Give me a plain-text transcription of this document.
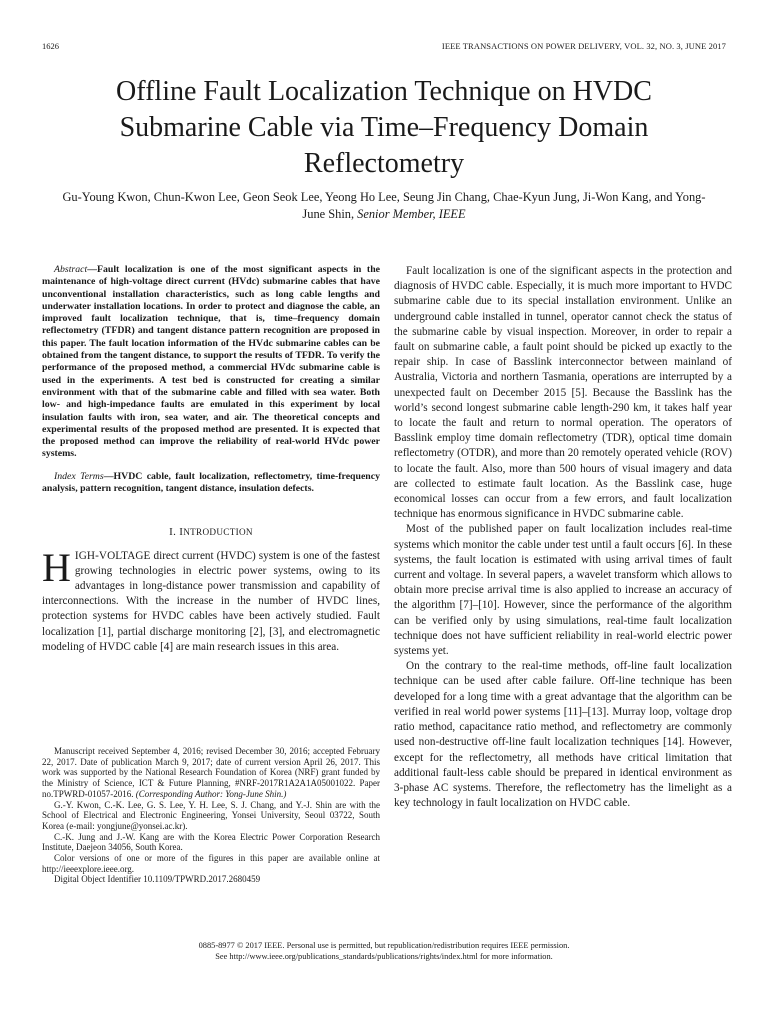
1626	IEEE TRANSACTIONS ON POWER DELIVERY, VOL. 32, NO. 3, JUNE 2017
Offline Fault Localization Technique on HVDC Submarine Cable via Time–Frequency Domain Reflectometry
Gu-Young Kwon, Chun-Kwon Lee, Geon Seok Lee, Yeong Ho Lee, Seung Jin Chang, Chae-Kyun Jung, Ji-Won Kang, and Yong-June Shin, Senior Member, IEEE

Abstract—Fault localization is one of the most significant aspects in the maintenance of high-voltage direct current (HVdc) submarine cables that have unconventional installation characteristics, such as long cable lengths and underwater installation locations. In order to protect and diagnose the cable, an improved fault localization technique, that is, time–frequency domain reflectometry (TFDR) and tangent distance pattern recognition are proposed in this paper. The fault location information of the HVdc submarine cables can be obtained from the tangent distance, to support the results of TFDR. To verify the performance of the proposed method, a commercial HVdc submarine cable is used in the experiments. A test bed is constructed for creating a similar environment with that of the submarine cable and filled with sea water. Both low- and high-impedance faults are emulated in this experiment by local insulation faults with iron, sea water, and air. The theoretical concepts and experimental results of the proposed method are presented. It is expected that the proposed method can improve the reliability of real-world HVdc power systems.

Index Terms—HVDC cable, fault localization, reflectometry, time-frequency analysis, pattern recognition, tangent distance, insulation defects.

I. INTRODUCTION

HIGH-VOLTAGE direct current (HVDC) system is one of the fastest growing technologies in electric power systems, owing to its advantages in long-distance power transmission and capability of interconnections. With the increase in the number of HVDC lines, protection systems for HVDC cables have been actively studied. Fault localization [1], partial discharge monitoring [2], [3], and electromagnetic modeling of HVDC cable [4] are main research issues in this area.

Manuscript received September 4, 2016; revised December 30, 2016; accepted February 22, 2017. Date of publication March 9, 2017; date of current version April 26, 2017. This work was supported by the National Research Foundation of Korea (NRF) grant funded by the Ministry of Science, ICT & Future Planning, #NRF-2017R1A2A1A05001022. Paper no.TPWRD-01057-2016. (Corresponding Author: Yong-June Shin.)

G.-Y. Kwon, C.-K. Lee, G. S. Lee, Y. H. Lee, S. J. Chang, and Y.-J. Shin are with the School of Electrical and Electronic Engineering, Yonsei University, Seoul 03722, South Korea (e-mail: yongjune@yonsei.ac.kr).

C.-K. Jung and J.-W. Kang are with the Korea Electric Power Corporation Research Institute, Daejeon 34056, South Korea.

Color versions of one or more of the figures in this paper are available online at http://ieeexplore.ieee.org.

Digital Object Identifier 10.1109/TPWRD.2017.2680459

Fault localization is one of the significant aspects in the protection and diagnosis of HVDC cable. Especially, it is much more important to HVDC submarine cable due to its special installation environment. Unlike an underground cable installed in tunnel, operator cannot check the status of the submarine cable by visual inspection. Moreover, in order to repair a fault on submarine cable, a fault point should be picked up exactly to the repair ship. In case of Basslink interconnector between mainland of Australia, Victoria and northern Tasmania, operations are interrupted by a unexpected fault on December 2015 [5]. Because the Basslink has the world’s second longest submarine cable length-290 km, it takes half year to locate the fault and return to normal operation. The operators of Basslink employ time domain reflectometry (TDR), optical time domain reflectometry (OTDR), and more than 20 remotely operated vehicle (ROV) to locate the fault. Also, more than 500 hours of visual imagery and data are collected to estimate fault location. As the Basslink case, huge economical losses can occur from a few errors, and fault localization technique has enormous significance in HVDC submarine cable.

Most of the published paper on fault localization includes real-time systems which monitor the cable under test until a fault occurs [6]. In these systems, the fault location is estimated with using arrival times of fault current and voltage. In several papers, a wavelet transform which allows to obtain more precise arrival time is also applied to increase an accuracy of the algorithm [7]–[10]. However, since the performance of the algorithm can be verified only by using simulations, real-time fault localization technique does not have sufficient reliability in real-world electric power systems yet.

On the contrary to the real-time methods, off-line fault localization technique can be used after cable failure. Off-line technique has been developed for a long time with a great advantage that the algorithm can be verified in real world power systems [11]–[13]. Murray loop, voltage drop ratio method, capacitance ratio method, and reflectometry are commonly used non-destructive off-line fault localization techniques [14]. However, except for the reflectometry, all methods have critical limitation that additional fault-less cable should be prepared in identical environment as 3-phase AC systems. Therefore, the reflectometry has the limelight as a key technology in fault localization on HVDC cable.

0885-8977 © 2017 IEEE. Personal use is permitted, but republication/redistribution requires IEEE permission.
See http://www.ieee.org/publications_standards/publications/rights/index.html for more information.
